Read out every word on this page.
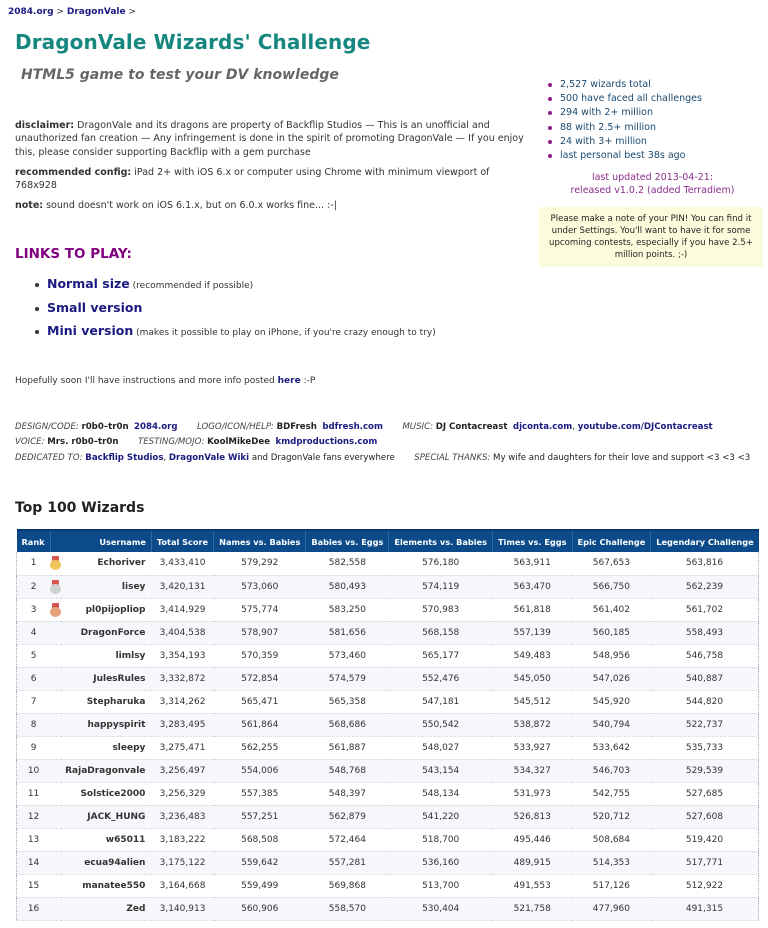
2084.org > DragonVale >
DragonVale Wizards' Challenge
HTML5 game to test your DV knowledge
disclaimer: DragonVale and its dragons are property of Backflip Studios — This is an unofficial and unauthorized fan creation — Any infringement is done in the spirit of promoting DragonVale — If you enjoy this, please consider supporting Backflip with a gem purchase
recommended config: iPad 2+ with iOS 6.x or computer using Chrome with minimum viewport of 768x928
note: sound doesn't work on iOS 6.1.x, but on 6.0.x works fine... :-|
2,527 wizards total
500 have faced all challenges
294 with 2+ million
88 with 2.5+ million
24 with 3+ million
last personal best 38s ago
last updated 2013-04-21:
released v1.0.2 (added Terradiem)
Please make a note of your PIN! You can find it under Settings. You'll want to have it for some upcoming contests, especially if you have 2.5+ million points. ;-)
LINKS TO PLAY:
Normal size (recommended if possible)
Small version
Mini version (makes it possible to play on iPhone, if you're crazy enough to try)
Hopefully soon I'll have instructions and more info posted here :-P
DESIGN/CODE: r0b0–tr0n 2084.org LOGO/ICON/HELP: BDFresh bdfresh.com MUSIC: DJ Contacreast djconta.com, youtube.com/DJContacreast
VOICE: Mrs. r0b0–tr0n TESTING/MOJO: KoolMikeDee kmdproductions.com
DEDICATED TO: Backflip Studios, DragonVale Wiki and DragonVale fans everywhere SPECIAL THANKS: My wife and daughters for their love and support <3 <3 <3
Top 100 Wizards
Rank	Username		Total Score	Names vs. Babies	Babies vs. Eggs	Elements vs. Babies	Times vs. Eggs	Epic Challenge	Legendary Challenge
1		Echoriver	3,433,410	579,292	582,558	576,180	563,911	567,653	563,816
2		lisey	3,420,131	573,060	580,493	574,119	563,470	566,750	562,239
3		pl0pijopliop	3,414,929	575,774	583,250	570,983	561,818	561,402	561,702
4		DragonForce	3,404,538	578,907	581,656	568,158	557,139	560,185	558,493
5		limlsy	3,354,193	570,359	573,460	565,177	549,483	548,956	546,758
6		JulesRules	3,332,872	572,854	574,579	552,476	545,050	547,026	540,887
7		Stepharuka	3,314,262	565,471	565,358	547,181	545,512	545,920	544,820
8		happyspirit	3,283,495	561,864	568,686	550,542	538,872	540,794	522,737
9		sleepy	3,275,471	562,255	561,887	548,027	533,927	533,642	535,733
10		RajaDragonvale	3,256,497	554,006	548,768	543,154	534,327	546,703	529,539
11		Solstice2000	3,256,329	557,385	548,397	548,134	531,973	542,755	527,685
12		JACK_HUNG	3,236,483	557,251	562,879	541,220	526,813	520,712	527,608
13		w65011	3,183,222	568,508	572,464	518,700	495,446	508,684	519,420
14		ecua94alien	3,175,122	559,642	557,281	536,160	489,915	514,353	517,771
15		manatee550	3,164,668	559,499	569,868	513,700	491,553	517,126	512,922
16		Zed	3,140,913	560,906	558,570	530,404	521,758	477,960	491,315
